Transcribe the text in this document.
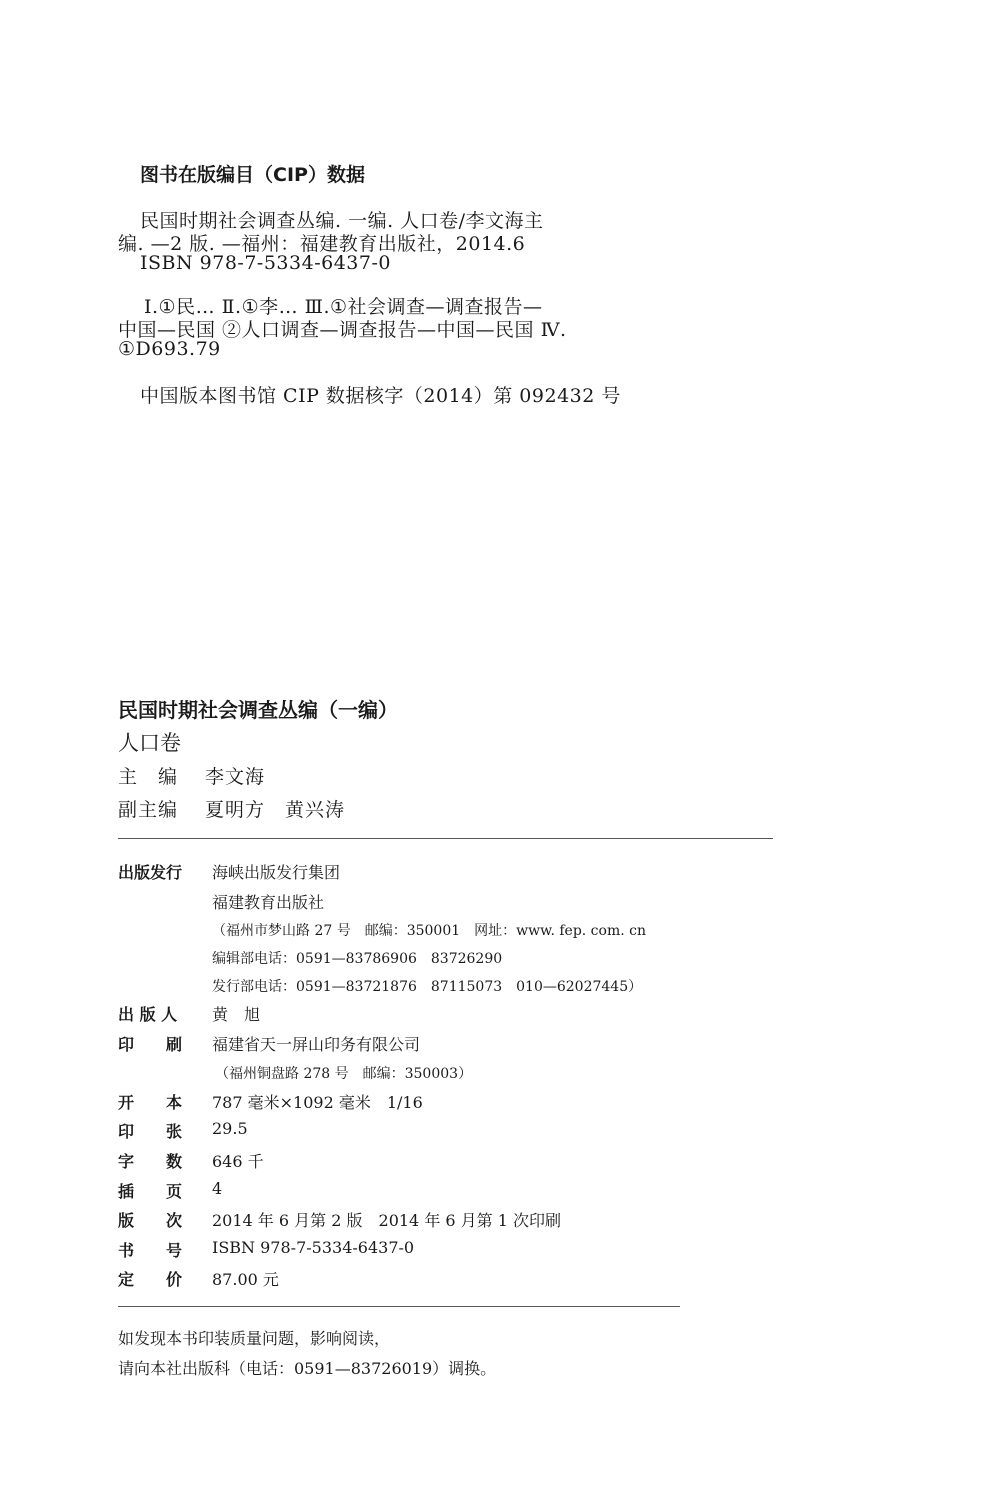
图书在版编目（CIP）数据
民国时期社会调查丛编. 一编. 人口卷/李文海主
编. —2 版. —福州：福建教育出版社，2014.6
ISBN 978-7-5334-6437-0
Ⅰ.①民… Ⅱ.①李… Ⅲ.①社会调查—调查报告—
中国—民国 ②人口调查—调查报告—中国—民国 Ⅳ.
①D693.79
中国版本图书馆 CIP 数据核字（2014）第 092432 号
民国时期社会调查丛编（一编）
人口卷
主　编 李文海
副主编 夏明方　黄兴涛
出版发行 海峡出版发行集团
福建教育出版社
（福州市梦山路 27 号　邮编：350001　网址：www. fep. com. cn
编辑部电话：0591—83786906　83726290
发行部电话：0591—83721876　87115073　010—62027445）
出 版 人 黄　旭
印　　刷 福建省天一屏山印务有限公司
（福州铜盘路 278 号　邮编：350003）
开　　本 787 毫米×1092 毫米　1/16
印　　张 29.5
字　　数 646 千
插　　页 4
版　　次 2014 年 6 月第 2 版　2014 年 6 月第 1 次印刷
书　　号 ISBN 978-7-5334-6437-0
定　　价 87.00 元
如发现本书印装质量问题，影响阅读，
请向本社出版科（电话：0591—83726019）调换。
